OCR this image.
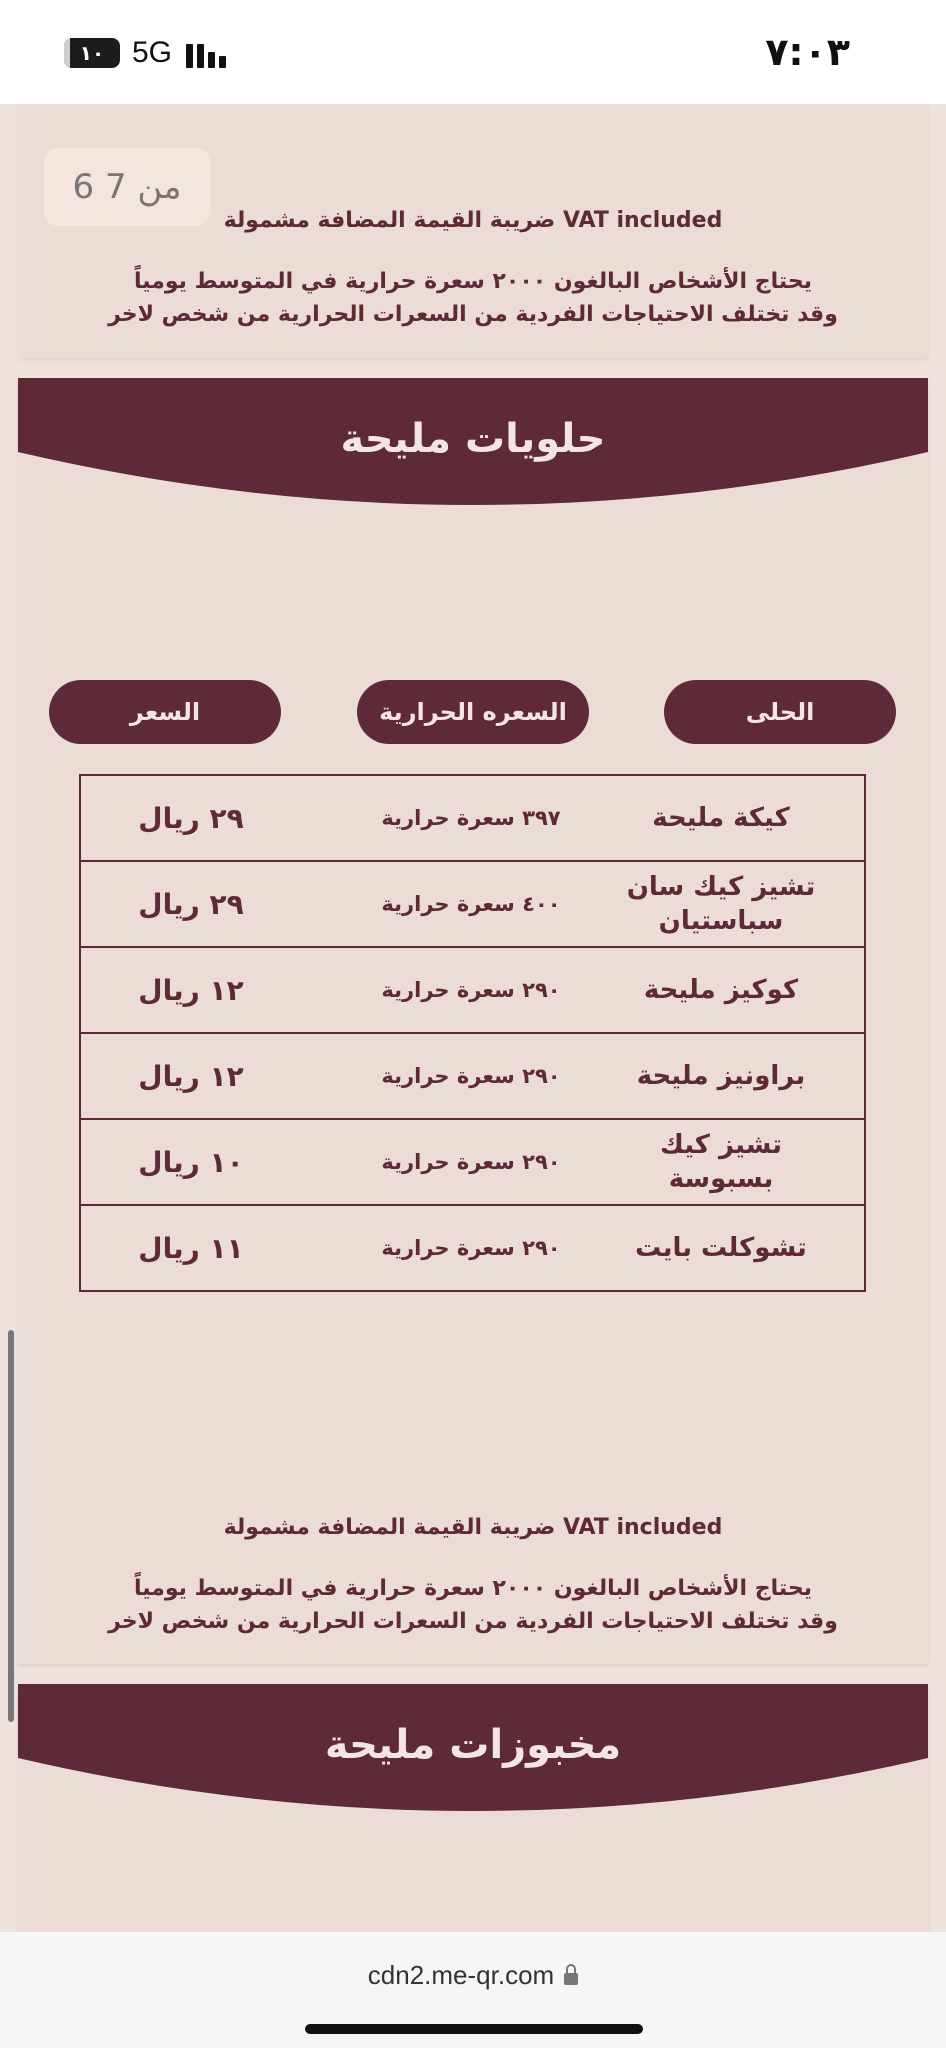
١٠ 5G	٧:٠٣
6 من 7
ضريبة القيمة المضافة مشمولة VAT included
يحتاج الأشخاص البالغون ٢٠٠٠ سعرة حرارية في المتوسط يومياً
وقد تختلف الاحتياجات الفردية من السعرات الحرارية من شخص لاخر
حلويات مليحة
الحلى
السعره الحرارية
السعر
كيكة مليحة
٣٩٧ سعرة حرارية
٢٩ ريال

تشيز كيك سان سباستيان
٤٠٠ سعرة حرارية
٢٩ ريال

كوكيز مليحة
٢٩٠ سعرة حرارية
١٢ ريال

براونيز مليحة
٢٩٠ سعرة حرارية
١٢ ريال

تشيز كيك بسبوسة
٢٩٠ سعرة حرارية
١٠ ريال

تشوكلت بايت
٢٩٠ سعرة حرارية
١١ ريال
ضريبة القيمة المضافة مشمولة VAT included
يحتاج الأشخاص البالغون ٢٠٠٠ سعرة حرارية في المتوسط يومياً
وقد تختلف الاحتياجات الفردية من السعرات الحرارية من شخص لاخر
مخبوزات مليحة
cdn2.me-qr.com
